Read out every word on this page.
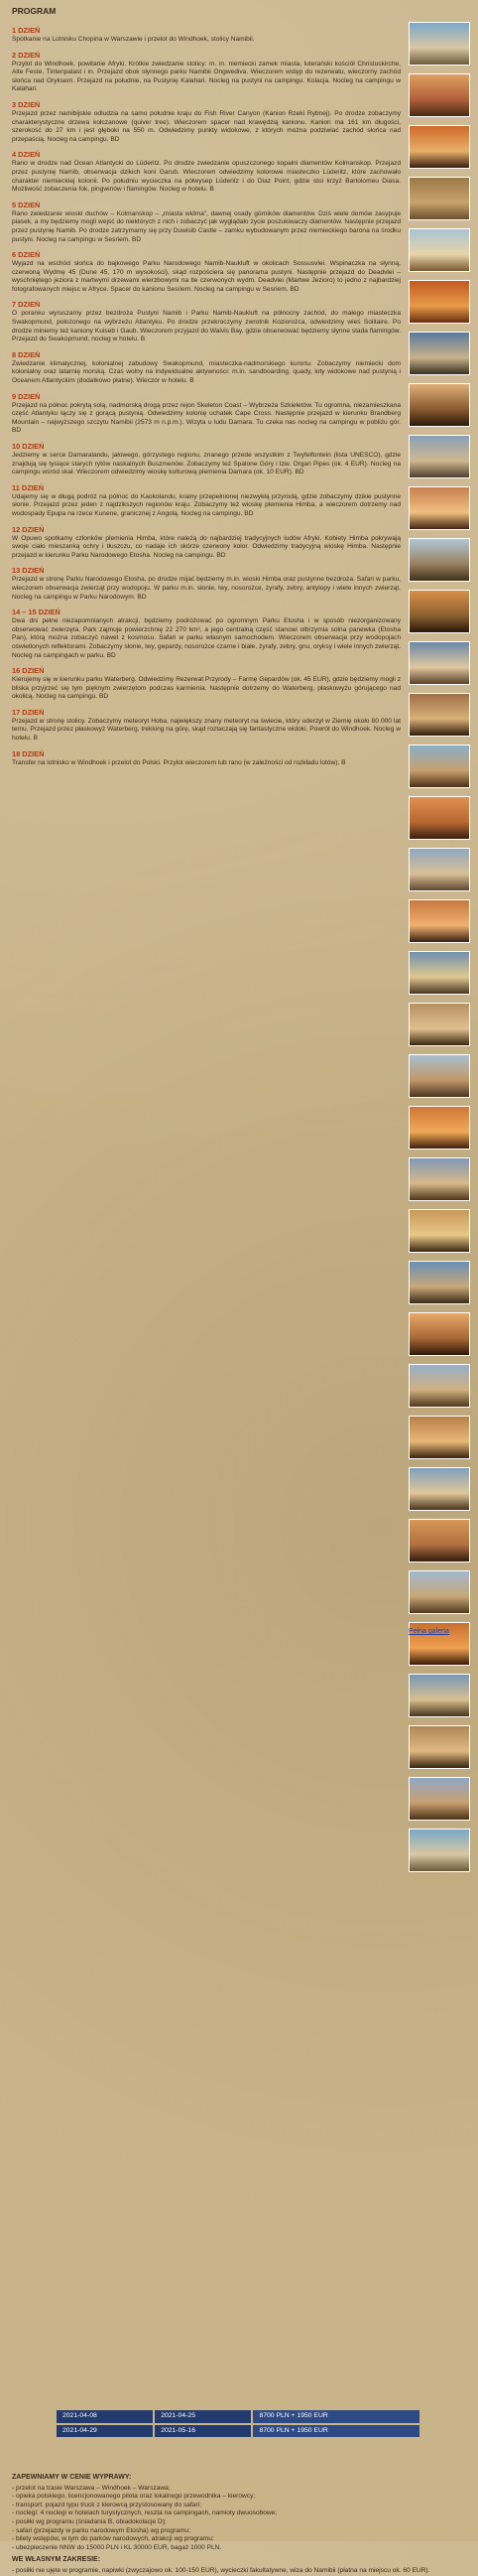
PROGRAM
1 DZIEŃ

Spotkanie na Lotnisku Chopina w Warszawie i przelot do Windhoek, stolicy Namibii.

2 DZIEŃ

Przylot do Windhoek, powitanie Afryki. Krótkie zwiedzanie stolicy: m. in. niemiecki zamek miasta, luterański kościół Christuskirche, Alte Feste, Tintenpalast i in. Przejazd obok słynnego parku Namibii Ongwediva. Wieczorem wstęp do rezerwatu, wieczorny zachód słońca nad Oryksem. Przejazd na południe, na Pustynię Kalahari. Nocleg na pustyni na campingu. Kolacja. Nocleg na campingu w Kalahari.

3 DZIEŃ

Przejazd przez namibijskie odludzia na samo południe kraju do Fish River Canyon (Kanion Rzeki Rybnej). Po drodze zobaczymy charakterystyczne drzewa kołczanowe (quiver tree). Wieczorem spacer nad krawędzią kanionu. Kanion ma 161 km długości, szerokość do 27 km i jest głęboki na 550 m. Odwiedzimy punkty widokowe, z których można podziwiać zachód słońca nad przepaścią. Nocleg na campingu. BD

4 DZIEŃ

Rano w drodze nad Ocean Atlantycki do Lüderitz. Po drodze zwiedzanie opuszczonego kopalni diamentów Kolmanskop. Przejazd przez pustynię Namib, obserwacja dzikich koni Garub. Wieczorem odwiedzimy kolorowe miasteczko Lüderitz, które zachowało charakter niemieckiej kolonii. Po południu wycieczka na półwysep Lüderitz i do Diaz Point, gdzie stoi krzyż Bartolomeu Diasa. Możliwość zobaczenia fok, pingwinów i flamingów. Nocleg w hotelu. B

5 DZIEŃ

Rano zwiedzanie wioski duchów – Kolmanskop – „miasta widma”, dawnej osady górników diamentów. Dziś wiele domów zasypuje piasek, a my będziemy mogli wejść do niektórych z nich i zobaczyć jak wyglądało życie poszukiwaczy diamentów. Następnie przejazd przez pustynię Namib. Po drodze zatrzymamy się przy Duwisib Castle – zamku wybudowanym przez niemieckiego barona na środku pustyni. Nocleg na campingu w Sesriem. BD

6 DZIEŃ

Wyjazd na wschód słońca do bajkowego Parku Narodowego Namib-Naukluft w okolicach Sossusvlei. Wspinaczka na słynną, czerwoną Wydmę 45 (Dune 45, 170 m wysokości), skąd rozpościera się panorama pustyni. Następnie przejazd do Deadvlei – wyschniętego jeziora z martwymi drzewami wierzbowymi na tle czerwonych wydm. Deadvlei (Martwe Jezioro) to jedno z najbardziej fotografowanych miejsc w Afryce. Spacer do kanionu Sesriem. Nocleg na campingu w Sesriem. BD

7 DZIEŃ

O poranku wyruszamy przez bezdroża Pustyni Namib i Parku Namib-Naukluft na północny zachód, do małego miasteczka Swakopmund, położonego na wybrzeżu Atlantyku. Po drodze przekroczymy zwrotnik Koziorożca, odwiedzimy wieś Solitaire. Po drodze miniemy też kaniony Kuiseb i Gaub. Wieczorem przyjazd do Walvis Bay, gdzie obserwować będziemy słynne stada flamingów. Przejazd do Swakopmund, nocleg w hotelu. B

8 DZIEŃ

Zwiedzanie klimatycznej, kolonialnej zabudowy Swakopmund, miasteczka-nadmorskiego kurortu. Zobaczymy niemiecki dom kolonialny oraz latarnię morską. Czas wolny na indywidualne aktywności: m.in. sandboarding, quady, loty widokowe nad pustynią i Oceanem Atlantyckim (dodatkowo płatne). Wieczór w hotelu. B

9 DZIEŃ

Przejazd na północ pokrytą solą, nadmorską drogą przez rejon Skeleton Coast – Wybrzeża Szkieletów. Tu ogromna, niezamieszkana część Atlantyku łączy się z gorącą pustynią. Odwiedzimy kolonię uchatek Cape Cross. Następnie przejazd w kierunku Brandberg Mountain – najwyższego szczytu Namibii (2573 m n.p.m.). Wizyta u ludu Damara. Tu czeka nas nocleg na campingu w pobliżu gór. BD

10 DZIEŃ

Jedziemy w serce Damaralandu, jałowego, górzystego regionu, znanego przede wszystkim z Twyfelfontein (lista UNESCO), gdzie znajdują się tysiące starych rytów naskalnych Buszmenów. Zobaczymy też Spalone Góry i tzw. Organ Pipes (ok. 4 EUR). Nocleg na campingu wśród skał. Wieczorem odwiedzimy wioskę kulturową plemienia Damara (ok. 10 EUR). BD

11 DZIEŃ

Udajemy się w długą podróż na północ do Kaokolandu, krainy przepełnionej niezwykłą przyrodą, gdzie zobaczymy dzikie pustynne słonie. Przejazd przez jeden z najdzikszych regionów kraju. Zobaczymy też wioskę plemienia Himba, a wieczorem dotrzemy nad wodospady Epupa na rzece Kunene, granicznej z Angolą. Nocleg na campingu. BD

12 DZIEŃ

W Opuwo spotkamy członków plemienia Himba, które należą do najbardziej tradycyjnych ludów Afryki. Kobiety Himba pokrywają swoje ciało mieszanką ochry i tłuszczu, co nadaje ich skórze czerwony kolor. Odwiedzimy tradycyjną wioskę Himba. Następnie przejazd w kierunku Parku Narodowego Etosha. Nocleg na campingu. BD

13 DZIEŃ

Przejazd w stronę Parku Narodowego Etosha, po drodze mijać będziemy m.in. wioski Himba oraz pustynne bezdroża. Safari w parku, wieczorem obserwacja zwierząt przy wodopoju. W parku m.in. słonie, lwy, nosorożce, żyrafy, zebry, antylopy i wiele innych zwierząt. Nocleg na campingu w Parku Narodowym. BD

14 – 15 DZIEŃ

Dwa dni pełne niezapomnianych atrakcji, będziemy podróżować po ogromnym Parku Etosha i w sposób niezorganizowany obserwować zwierzęta. Park zajmuje powierzchnię 22 270 km², a jego centralną część stanowi olbrzymia solna panewka (Etosha Pan), którą można zobaczyć nawet z kosmosu. Safari w parku własnym samochodem. Wieczorem obserwacje przy wodopojach oświetlonych reflektorami. Zobaczymy słonie, lwy, gepardy, nosorożce czarne i białe, żyrafy, zebry, gnu, oryksy i wiele innych zwierząt. Nocleg na campingach w parku. BD

16 DZIEŃ

Kierujemy się w kierunku parku Waterberg. Odwiedzimy Rezerwat Przyrody – Farmę Gepardów (ok. 45 EUR), gdzie będziemy mogli z bliska przyjrzeć się tym pięknym zwierzętom podczas karmienia. Następnie dotrzemy do Waterberg, płaskowyżu górującego nad okolicą. Nocleg na campingu. BD

17 DZIEŃ

Przejazd w stronę stolicy. Zobaczymy meteoryt Hoba, największy znany meteoryt na świecie, który uderzył w Ziemię około 80 000 lat temu. Przejazd przez płaskowyż Waterberg, trekking na górę, skąd roztaczają się fantastyczne widoki. Powrót do Windhoek. Nocleg w hotelu. B

18 DZIEŃ

Transfer na lotnisko w Windhoek i przelot do Polski. Przylot wieczorem lub rano (w zależności od rozkładu lotów). B

Pełna galeria
2021-04-08	2021-04-25	8700 PLN + 1950 EUR
2021-04-29	2021-05-16	8700 PLN + 1950 EUR
ZAPEWNIAMY W CENIE WYPRAWY:
- przelot na trasie Warszawa – Windhoek – Warszawa;
- opieka polskiego, licencjonowanego pilota oraz lokalnego przewodnika – kierowcy;
- transport: pojazd typu truck z kierowcą przystosowany do safari;
- noclegi: 4 noclegi w hotelach turystycznych, reszta na campingach, namioty dwuosobowe;
- posiłki wg programu (śniadania B, obiadokolacje D);
- safari (przejazdy w parku narodowym Etosha) wg programu;
- bilety wstępów, w tym do parków narodowych, atrakcji wg programu;
- ubezpieczenie NNW do 15000 PLN i KL 30000 EUR, bagaż 1000 PLN.
WE WŁASNYM ZAKRESIE:
- posiłki nie ujęte w programie, napiwki (zwyczajowo ok. 100-150 EUR), wycieczki fakultatywne, wiza do Namibii (płatna na miejscu ok. 60 EUR).
